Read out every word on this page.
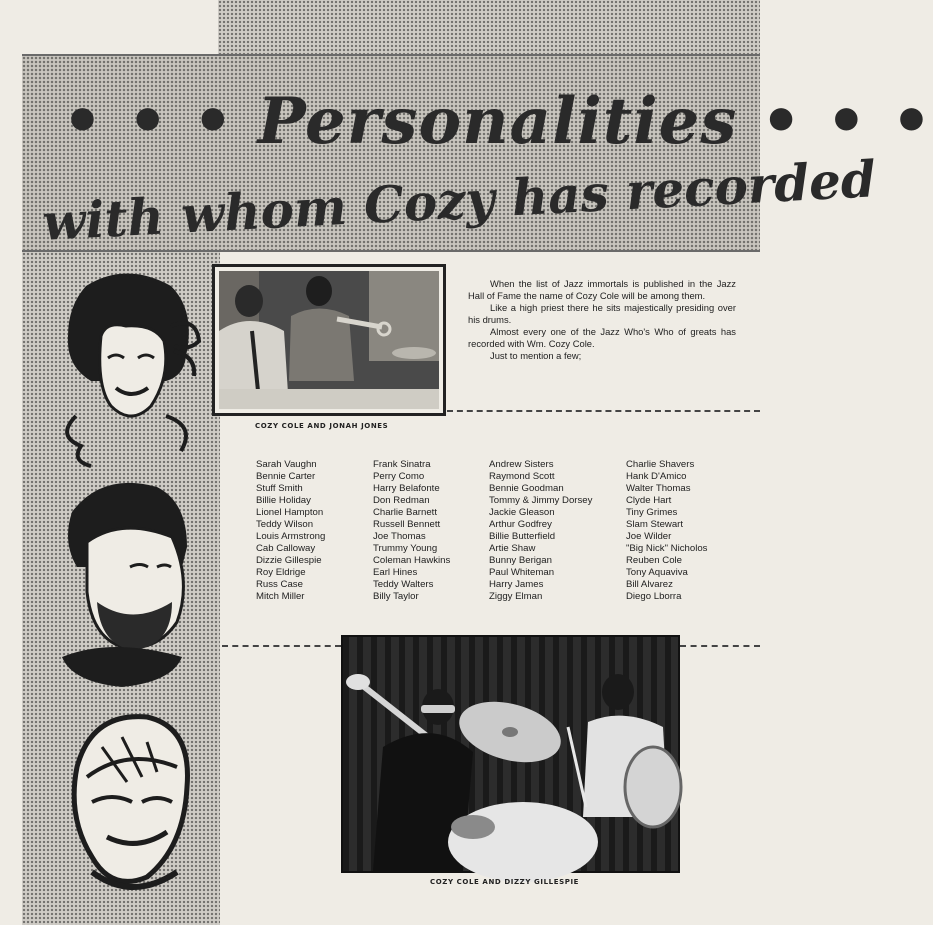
• • • Personalities • • •
with whom Cozy has recorded
COZY COLE AND JONAH JONES

When the list of Jazz immortals is published in the Jazz Hall of Fame the name of Cozy Cole will be among them.

Like a high priest there he sits majestically presiding over his drums.

Almost every one of the Jazz Who's Who of greats has recorded with Wm. Cozy Cole.

Just to mention a few;

Sarah Vaughn
Bennie Carter
Stuff Smith
Billie Holiday
Lionel Hampton
Teddy Wilson
Louis Armstrong
Cab Calloway
Dizzie Gillespie
Roy Eldrige
Russ Case
Mitch Miller
Frank Sinatra
Perry Como
Harry Belafonte
Don Redman
Charlie Barnett
Russell Bennett
Joe Thomas
Trummy Young
Coleman Hawkins
Earl Hines
Teddy Walters
Billy Taylor
Andrew Sisters
Raymond Scott
Bennie Goodman
Tommy & Jimmy Dorsey
Jackie Gleason
Arthur Godfrey
Billie Butterfield
Artie Shaw
Bunny Berigan
Paul Whiteman
Harry James
Ziggy Elman
Charlie Shavers
Hank D'Amico
Walter Thomas
Clyde Hart
Tiny Grimes
Slam Stewart
Joe Wilder
"Big Nick" Nicholos
Reuben Cole
Tony Aquaviva
Bill Alvarez
Diego Lborra
COZY COLE AND DIZZY GILLESPIE
